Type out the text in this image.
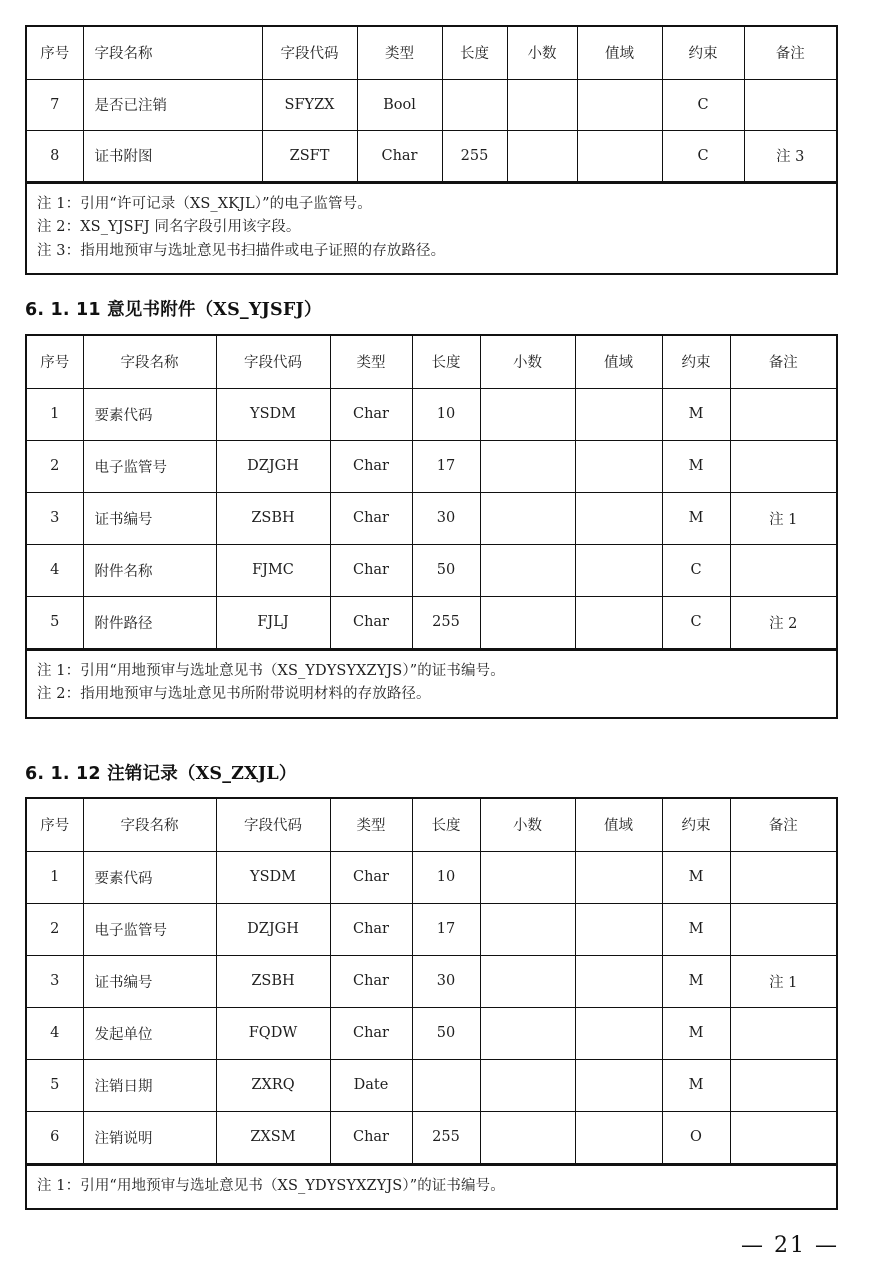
序号	字段名称	字段代码	类型	长度	小数	值域	约束	备注
7	是否已注销	SFYZX	Bool				C	
8	证书附图	ZSFT	Char	255			C	注 3
注 1：引用“许可记录（XS_XKJL）”的电子监管号。
注 2：XS_YJSFJ 同名字段引用该字段。
注 3：指用地预审与选址意见书扫描件或电子证照的存放路径。
6. 1. 11 意见书附件（XS_YJSFJ）
序号	字段名称	字段代码	类型	长度	小数	值域	约束	备注
1	要素代码	YSDM	Char	10			M	
2	电子监管号	DZJGH	Char	17			M	
3	证书编号	ZSBH	Char	30			M	注 1
4	附件名称	FJMC	Char	50			C	
5	附件路径	FJLJ	Char	255			C	注 2
注 1：引用“用地预审与选址意见书（XS_YDYSYXZYJS）”的证书编号。
注 2：指用地预审与选址意见书所附带说明材料的存放路径。
6. 1. 12 注销记录（XS_ZXJL）
序号	字段名称	字段代码	类型	长度	小数	值域	约束	备注
1	要素代码	YSDM	Char	10			M	
2	电子监管号	DZJGH	Char	17			M	
3	证书编号	ZSBH	Char	30			M	注 1
4	发起单位	FQDW	Char	50			M	
5	注销日期	ZXRQ	Date				M	
6	注销说明	ZXSM	Char	255			O	
注 1：引用“用地预审与选址意见书（XS_YDYSYXZYJS）”的证书编号。
— 21 —
